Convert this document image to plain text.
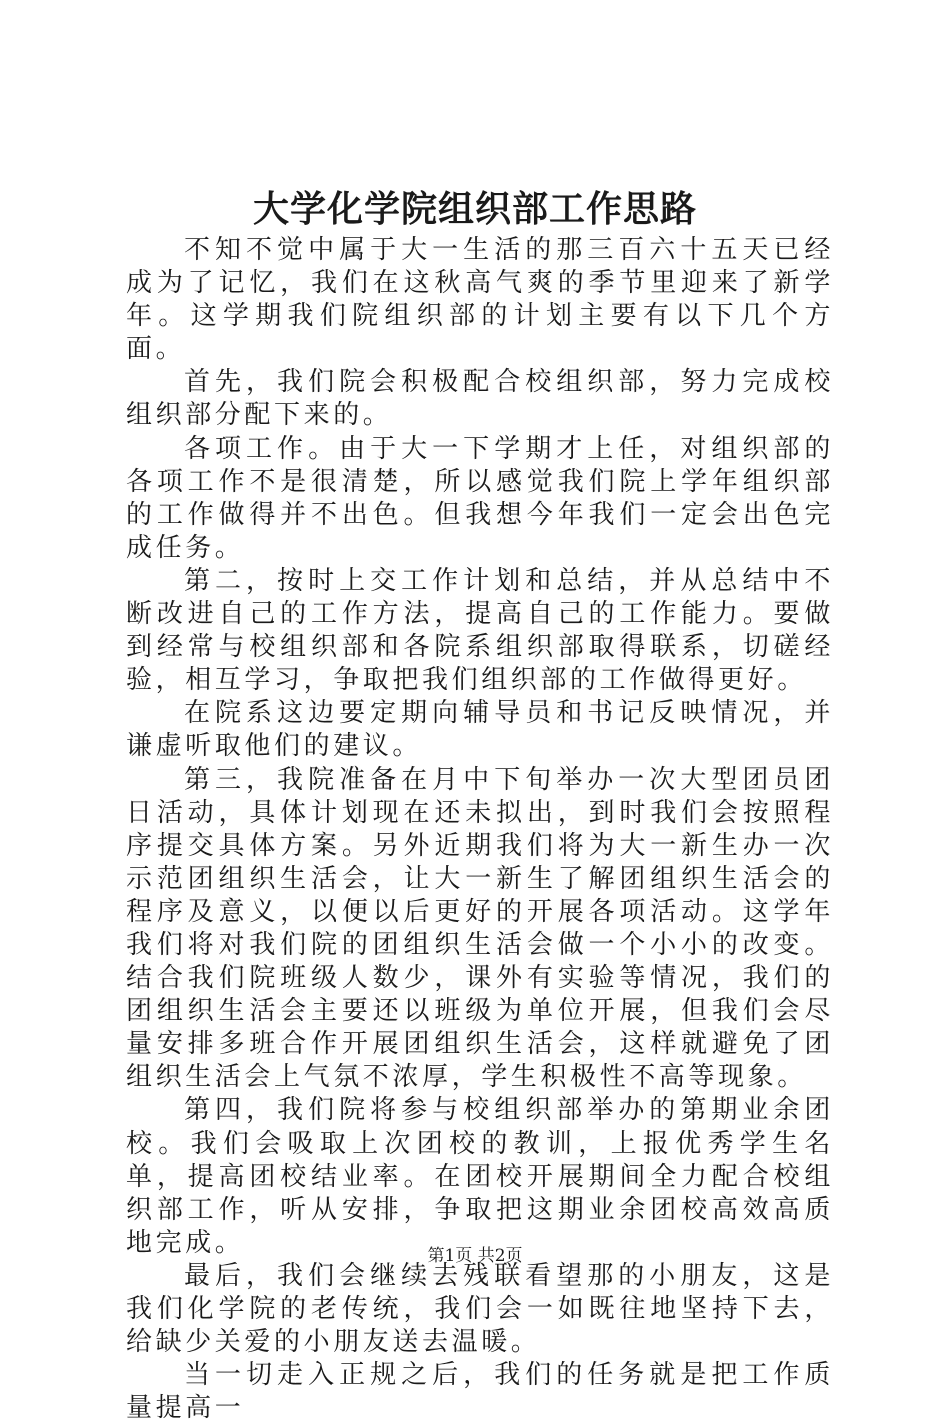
大学化学院组织部工作思路

不知不觉中属于大一生活的那三百六十五天已经成为了记忆，我们在这秋高气爽的季节里迎来了新学年。这学期我们院组织部的计划主要有以下几个方面。

首先，我们院会积极配合校组织部，努力完成校组织部分配下来的。

各项工作。由于大一下学期才上任，对组织部的各项工作不是很清楚，所以感觉我们院上学年组织部的工作做得并不出色。但我想今年我们一定会出色完成任务。

第二，按时上交工作计划和总结，并从总结中不断改进自己的工作方法，提高自己的工作能力。要做到经常与校组织部和各院系组织部取得联系，切磋经验，相互学习，争取把我们组织部的工作做得更好。

在院系这边要定期向辅导员和书记反映情况，并谦虚听取他们的建议。

第三，我院准备在月中下旬举办一次大型团员团日活动，具体计划现在还未拟出，到时我们会按照程序提交具体方案。另外近期我们将为大一新生办一次示范团组织生活会，让大一新生了解团组织生活会的程序及意义，以便以后更好的开展各项活动。这学年我们将对我们院的团组织生活会做一个小小的改变。结合我们院班级人数少，课外有实验等情况，我们的团组织生活会主要还以班级为单位开展，但我们会尽量安排多班合作开展团组织生活会，这样就避免了团组织生活会上气氛不浓厚，学生积极性不高等现象。

第四，我们院将参与校组织部举办的第期业余团校。我们会吸取上次团校的教训，上报优秀学生名单，提高团校结业率。在团校开展期间全力配合校组织部工作，听从安排，争取把这期业余团校高效高质地完成。

最后，我们会继续去残联看望那的小朋友，这是我们化学院的老传统，我们会一如既往地坚持下去，给缺少关爱的小朋友送去温暖。

当一切走入正规之后，我们的任务就是把工作质量提高一

第1页 共2页
